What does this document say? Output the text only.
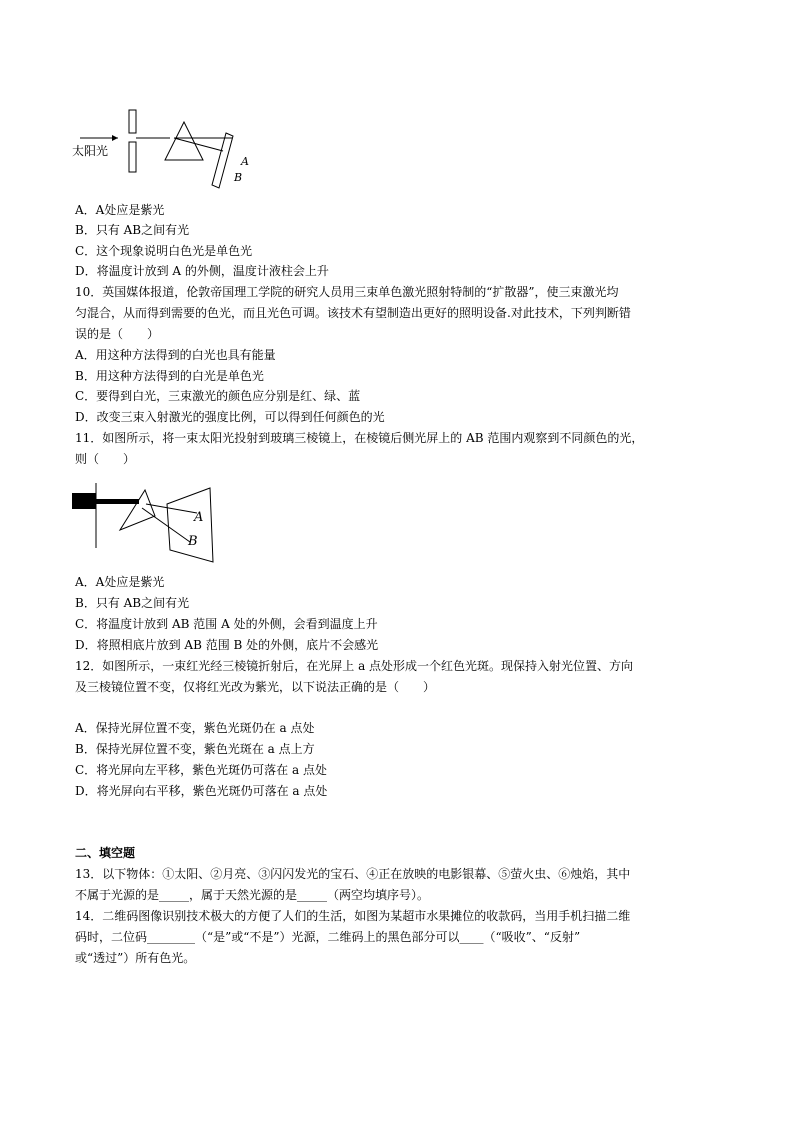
太阳光
A
B
A．A处应是紫光
B．只有 AB之间有光
C．这个现象说明白色光是单色光
D．将温度计放到 A 的外侧，温度计液柱会上升
10．英国媒体报道，伦敦帝国理工学院的研究人员用三束单色激光照射特制的“扩散器”，使三束激光均
匀混合，从而得到需要的色光，而且光色可调。该技术有望制造出更好的照明设备.对此技术，下列判断错
误的是（　　）
A．用这种方法得到的白光也具有能量
B．用这种方法得到的白光是单色光
C．要得到白光，三束激光的颜色应分别是红、绿、蓝
D．改变三束入射激光的强度比例，可以得到任何颜色的光
11．如图所示，将一束太阳光投射到玻璃三棱镜上，在棱镜后侧光屏上的 AB 范围内观察到不同颜色的光，
则（　　）
A
B
A．A处应是紫光
B．只有 AB之间有光
C．将温度计放到 AB 范围 A 处的外侧，会看到温度上升
D．将照相底片放到 AB 范围 B 处的外侧，底片不会感光
12．如图所示，一束红光经三棱镜折射后，在光屏上 a 点处形成一个红色光斑。现保持入射光位置、方向
及三棱镜位置不变，仅将红光改为紫光，以下说法正确的是（　　）
A．保持光屏位置不变，紫色光斑仍在 a 点处
B．保持光屏位置不变，紫色光斑在 a 点上方
C．将光屏向左平移，紫色光斑仍可落在 a 点处
D．将光屏向右平移，紫色光斑仍可落在 a 点处
二、填空题
13．以下物体：①太阳、②月亮、③闪闪发光的宝石、④正在放映的电影银幕、⑤萤火虫、⑥烛焰，其中
不属于光源的是_____，属于天然光源的是_____（两空均填序号）。
14．二维码图像识别技术极大的方便了人们的生活，如图为某超市水果摊位的收款码，当用手机扫描二维
码时，二位码________（“是”或“不是”）光源，二维码上的黑色部分可以____（“吸收”、“反射”
或“透过”）所有色光。
